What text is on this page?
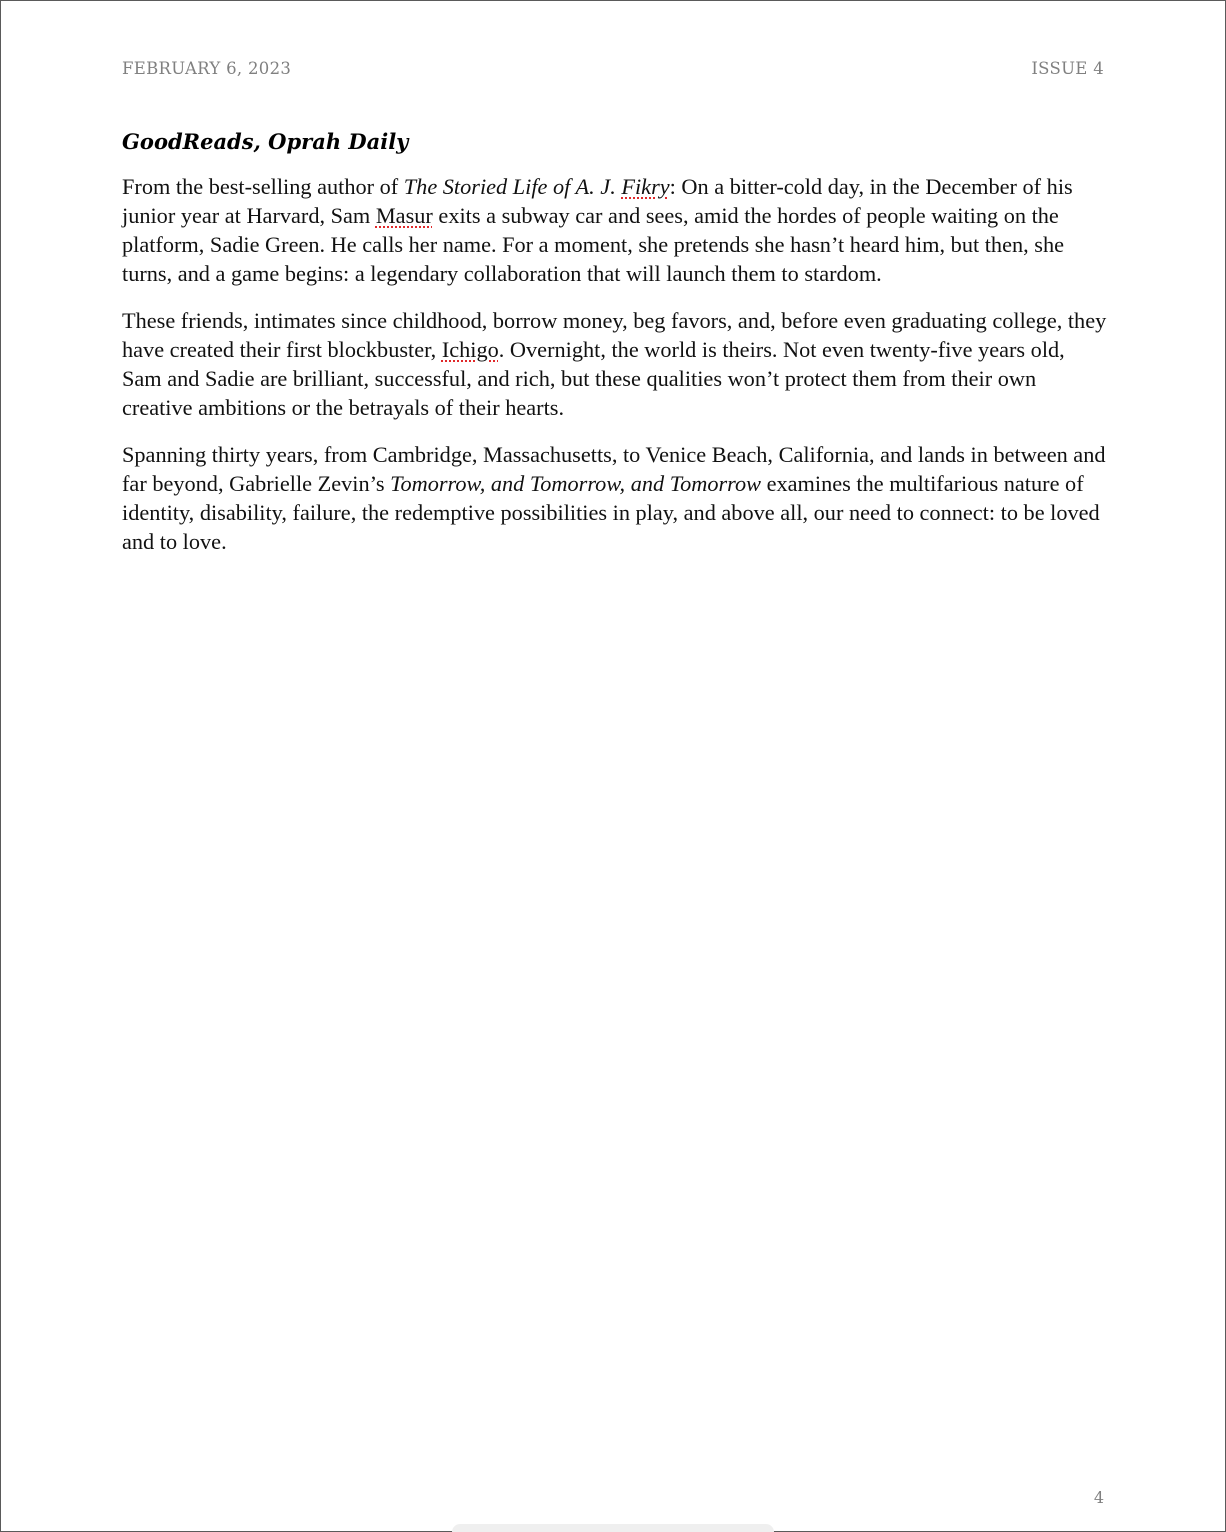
FEBRUARY 6, 2023	ISSUE 4
GoodReads, Oprah Daily

From the best-selling author of The Storied Life of A. J. Fikry: On a bitter-cold day, in the December of his junior year at Harvard, Sam Masur exits a subway car and sees, amid the hordes of people waiting on the platform, Sadie Green. He calls her name. For a moment, she pretends she hasn’t heard him, but then, she turns, and a game begins: a legendary collaboration that will launch them to stardom.

These friends, intimates since childhood, borrow money, beg favors, and, before even graduating college, they have created their first blockbuster, Ichigo. Overnight, the world is theirs. Not even twenty-five years old, Sam and Sadie are brilliant, successful, and rich, but these qualities won’t protect them from their own creative ambitions or the betrayals of their hearts.

Spanning thirty years, from Cambridge, Massachusetts, to Venice Beach, California, and lands in between and far beyond, Gabrielle Zevin’s Tomorrow, and Tomorrow, and Tomorrow examines the multifarious nature of identity, disability, failure, the redemptive possibilities in play, and above all, our need to connect: to be loved and to love.

4
